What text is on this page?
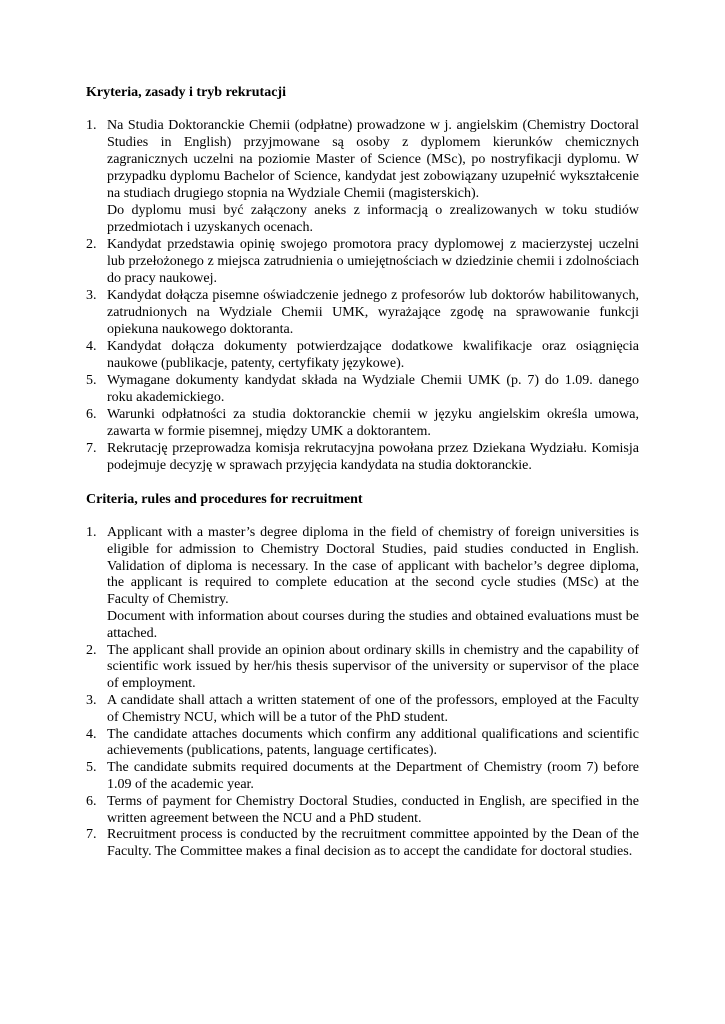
Kryteria, zasady i tryb rekrutacji

1. Na Studia Doktoranckie Chemii (odpłatne) prowadzone w j. angielskim (Chemistry Doctoral Studies in English) przyjmowane są osoby z dyplomem kierunków chemicznych zagranicznych uczelni na poziomie Master of Science (MSc), po nostryfikacji dyplomu. W przypadku dyplomu Bachelor of Science, kandydat jest zobowiązany uzupełnić wykształcenie na studiach drugiego stopnia na Wydziale Chemii (magisterskich).
Do dyplomu musi być załączony aneks z informacją o zrealizowanych w toku studiów przedmiotach i uzyskanych ocenach.
2. Kandydat przedstawia opinię swojego promotora pracy dyplomowej z macierzystej uczelni lub przełożonego z miejsca zatrudnienia o umiejętnościach w dziedzinie chemii i zdolnościach do pracy naukowej.
3. Kandydat dołącza pisemne oświadczenie jednego z profesorów lub doktorów habilitowanych, zatrudnionych na Wydziale Chemii UMK, wyrażające zgodę na sprawowanie funkcji opiekuna naukowego doktoranta.
4. Kandydat dołącza dokumenty potwierdzające dodatkowe kwalifikacje oraz osiągnięcia naukowe (publikacje, patenty, certyfikaty językowe).
5. Wymagane dokumenty kandydat składa na Wydziale Chemii UMK (p. 7) do 1.09. danego roku akademickiego.
6. Warunki odpłatności za studia doktoranckie chemii w języku angielskim określa umowa, zawarta w formie pisemnej, między UMK a doktorantem.
7. Rekrutację przeprowadza komisja rekrutacyjna powołana przez Dziekana Wydziału. Komisja podejmuje decyzję w sprawach przyjęcia kandydata na studia doktoranckie.

Criteria, rules and procedures for recruitment

1. Applicant with a master’s degree diploma in the field of chemistry of foreign universities is eligible for admission to Chemistry Doctoral Studies, paid studies conducted in English. Validation of diploma is necessary. In the case of applicant with bachelor’s degree diploma, the applicant is required to complete education at the second cycle studies (MSc) at the Faculty of Chemistry.
Document with information about courses during the studies and obtained evaluations must be attached.
2. The applicant shall provide an opinion about ordinary skills in chemistry and the capability of scientific work issued by her/his thesis supervisor of the university or supervisor of the place of employment.
3. A candidate shall attach a written statement of one of the professors, employed at the Faculty of Chemistry NCU, which will be a tutor of the PhD student.
4. The candidate attaches documents which confirm any additional qualifications and scientific achievements (publications, patents, language certificates).
5. The candidate submits required documents at the Department of Chemistry (room 7) before 1.09 of the academic year.
6. Terms of payment for Chemistry Doctoral Studies, conducted in English, are specified in the written agreement between the NCU and a PhD student.
7. Recruitment process is conducted by the recruitment committee appointed by the Dean of the Faculty. The Committee makes a final decision as to accept the candidate for doctoral studies.
